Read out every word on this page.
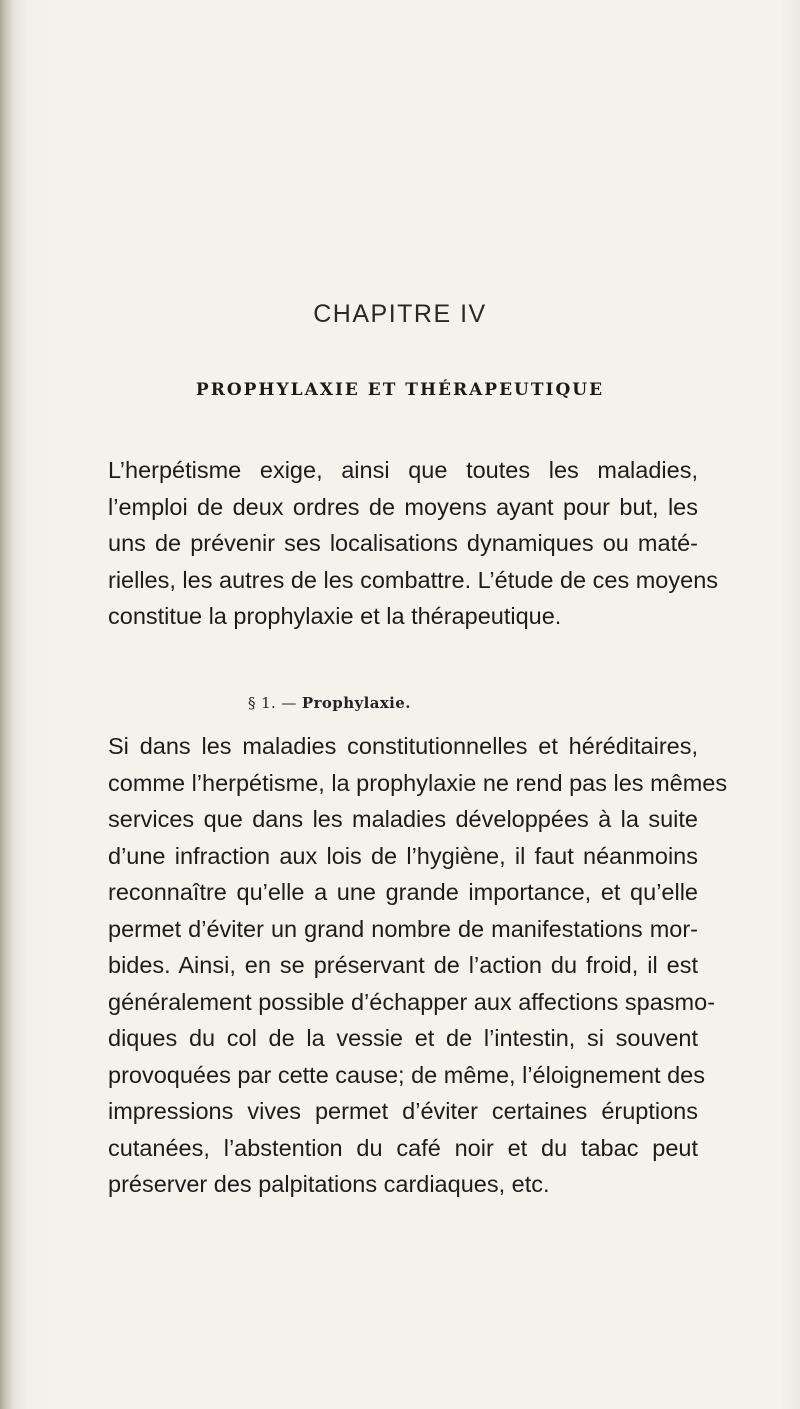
CHAPITRE IV
PROPHYLAXIE ET THÉRAPEUTIQUE
L’herpétisme exige, ainsi que toutes les maladies,
l’emploi de deux ordres de moyens ayant pour but, les
uns de prévenir ses localisations dynamiques ou maté-
rielles, les autres de les combattre. L’étude de ces moyens
constitue la prophylaxie et la thérapeutique.
§ 1. — Prophylaxie.
Si dans les maladies constitutionnelles et héréditaires,
comme l’herpétisme, la prophylaxie ne rend pas les mêmes
services que dans les maladies développées à la suite
d’une infraction aux lois de l’hygiène, il faut néanmoins
reconnaître qu’elle a une grande importance, et qu’elle
permet d’éviter un grand nombre de manifestations mor-
bides. Ainsi, en se préservant de l’action du froid, il est
généralement possible d’échapper aux affections spasmo-
diques du col de la vessie et de l’intestin, si souvent
provoquées par cette cause; de même, l’éloignement des
impressions vives permet d’éviter certaines éruptions
cutanées, l’abstention du café noir et du tabac peut
préserver des palpitations cardiaques, etc.
